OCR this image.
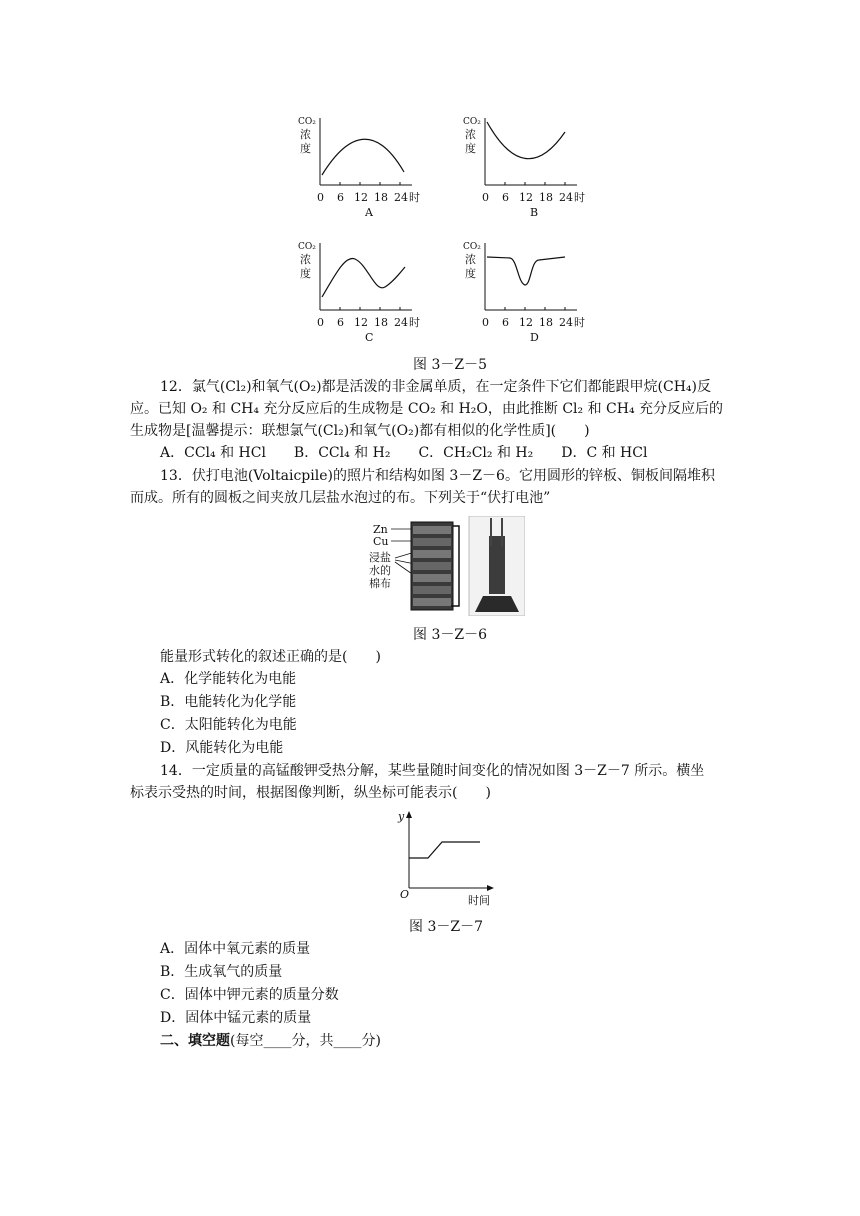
CO₂
浓
度
0 6 12 18 24 时
A
CO₂
浓
度
0 6 12 18 24 时
B
CO₂
浓
度
0 6 12 18 24 时
C
CO₂
浓
度
0 6 12 18 24 时
D
图 3－Z－5
12．氯气(Cl₂)和氧气(O₂)都是活泼的非金属单质，在一定条件下它们都能跟甲烷(CH₄)反
应。已知 O₂ 和 CH₄ 充分反应后的生成物是 CO₂ 和 H₂O，由此推断 Cl₂ 和 CH₄ 充分反应后的
生成物是[温馨提示：联想氯气(Cl₂)和氧气(O₂)都有相似的化学性质](　　)
A．CCl₄ 和 HCl　　B．CCl₄ 和 H₂　　C．CH₂Cl₂ 和 H₂　　D．C 和 HCl
13．伏打电池(Voltaicpile)的照片和结构如图 3－Z－6。它用圆形的锌板、铜板间隔堆积
而成。所有的圆板之间夹放几层盐水泡过的布。下列关于“伏打电池”
Zn
Cu
浸盐
水的
棉布
图 3－Z－6
能量形式转化的叙述正确的是(　　)
A．化学能转化为电能
B．电能转化为化学能
C．太阳能转化为电能
D．风能转化为电能
14．一定质量的高锰酸钾受热分解，某些量随时间变化的情况如图 3－Z－7 所示。横坐
标表示受热的时间，根据图像判断，纵坐标可能表示(　　)
y
O	时间
图 3－Z－7
A．固体中氧元素的质量
B．生成氧气的质量
C．固体中钾元素的质量分数
D．固体中锰元素的质量
二、填空题(每空____分，共____分)
